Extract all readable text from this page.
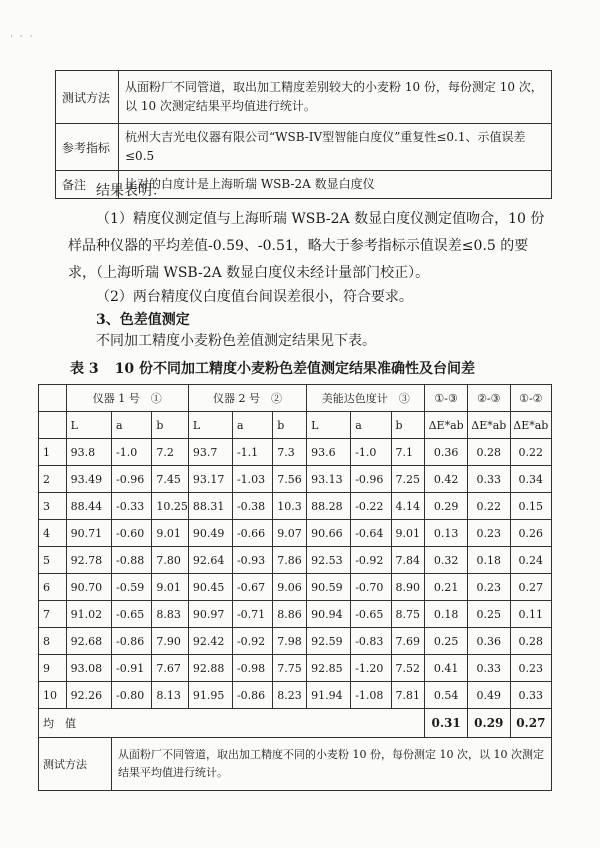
· · ·
测试方法	从面粉厂不同管道，取出加工精度差别较大的小麦粉 10 份，每份测定 10 次，以 10 次测定结果平均值进行统计。
参考指标	杭州大吉光电仪器有限公司“WSB-IV型智能白度仪”重复性≤0.1、示值误差≤0.5
备注	比对的白度计是上海昕瑞 WSB-2A 数显白度仪
结果表明：
（1）精度仪测定值与上海昕瑞 WSB-2A 数显白度仪测定值吻合，10 份样品种仪器的平均差值-0.59、-0.51，略大于参考指标示值误差≤0.5 的要求，（上海昕瑞 WSB-2A 数显白度仪未经计量部门校正）。
（2）两台精度仪白度值台间误差很小，符合要求。
3、色差值测定
不同加工精度小麦粉色差值测定结果见下表。
表 3 10 份不同加工精度小麦粉色差值测定结果准确性及台间差
	仪器 1 号　①			仪器 2 号　②			美能达色度计　③			①-③	②-③	①-②
	L	a	b	L	a	b	L	a	b	ΔE*ab	ΔE*ab	ΔE*ab
1	93.8	-1.0	7.2	93.7	-1.1	7.3	93.6	-1.0	7.1	0.36	0.28	0.22
2	93.49	-0.96	7.45	93.17	-1.03	7.56	93.13	-0.96	7.25	0.42	0.33	0.34
3	88.44	-0.33	10.25	88.31	-0.38	10.3	88.28	-0.22	4.14	0.29	0.22	0.15
4	90.71	-0.60	9.01	90.49	-0.66	9.07	90.66	-0.64	9.01	0.13	0.23	0.26
5	92.78	-0.88	7.80	92.64	-0.93	7.86	92.53	-0.92	7.84	0.32	0.18	0.24
6	90.70	-0.59	9.01	90.45	-0.67	9.06	90.59	-0.70	8.90	0.21	0.23	0.27
7	91.02	-0.65	8.83	90.97	-0.71	8.86	90.94	-0.65	8.75	0.18	0.25	0.11
8	92.68	-0.86	7.90	92.42	-0.92	7.98	92.59	-0.83	7.69	0.25	0.36	0.28
9	93.08	-0.91	7.67	92.88	-0.98	7.75	92.85	-1.20	7.52	0.41	0.33	0.23
10	92.26	-0.80	8.13	91.95	-0.86	8.23	91.94	-1.08	7.81	0.54	0.49	0.33
均　值										0.31	0.29	0.27
测试方法		从面粉厂不同管道，取出加工精度不同的小麦粉 10 份，每份测定 10 次，以 10 次测定结果平均值进行统计。										
